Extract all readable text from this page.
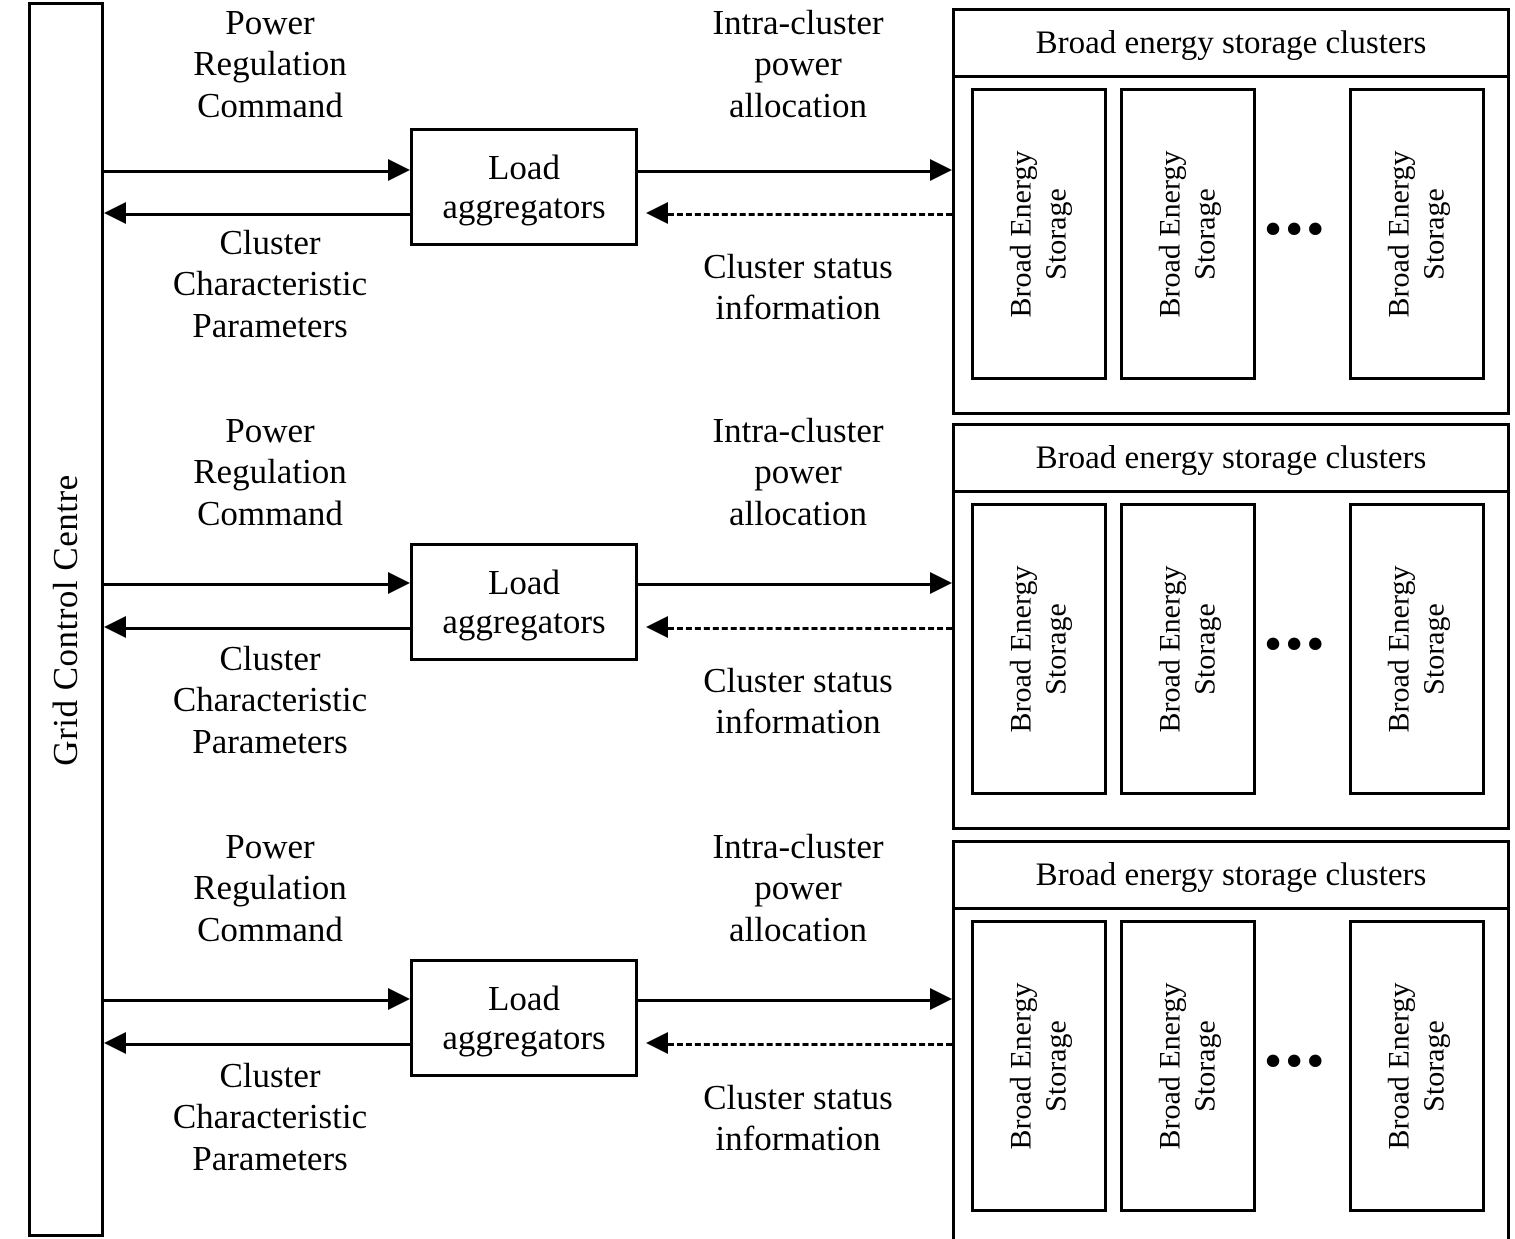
Grid Control Centre
Power
Regulation
Command
Cluster
Characteristic
Parameters
Intra-cluster
power
allocation
Cluster status
information
Load
aggregators
Broad energy storage clusters
Broad Energy Storage	Broad Energy Storage ••• Broad Energy Storage
Power
Regulation
Command
Cluster
Characteristic
Parameters
Intra-cluster
power
allocation
Cluster status
information
Load
aggregators
Broad energy storage clusters
Broad Energy Storage	Broad Energy Storage ••• Broad Energy Storage
Power
Regulation
Command
Cluster
Characteristic
Parameters
Intra-cluster
power
allocation
Cluster status
information
Load
aggregators
Broad energy storage clusters
Broad Energy Storage	Broad Energy Storage ••• Broad Energy Storage
